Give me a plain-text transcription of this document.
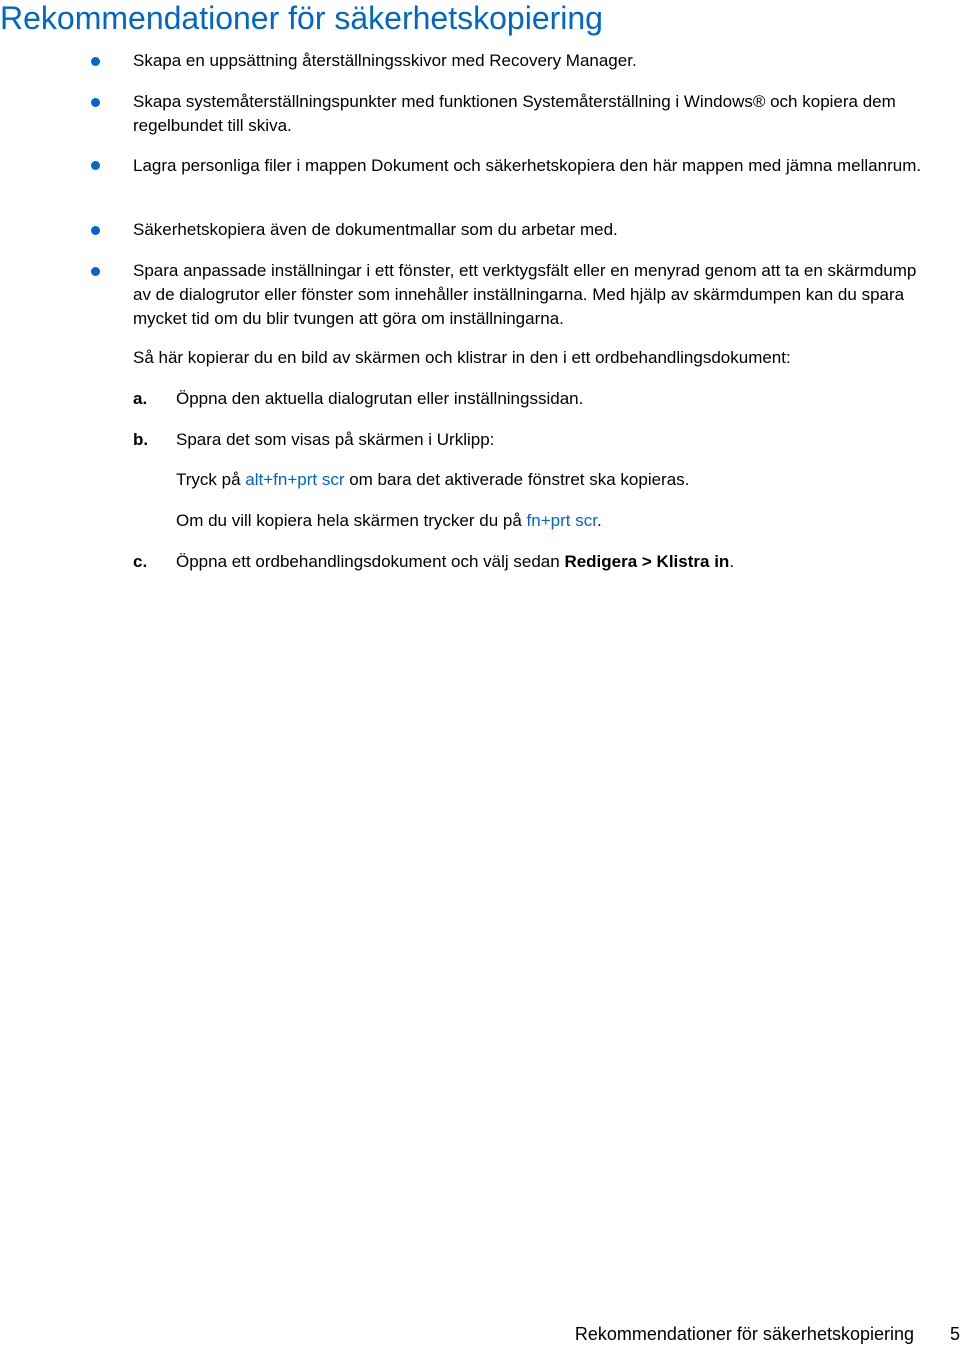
Rekommendationer för säkerhetskopiering

Skapa en uppsättning återställningsskivor med Recovery Manager.

Skapa systemåterställningspunkter med funktionen Systemåterställning i Windows® och kopiera dem regelbundet till skiva.

Lagra personliga filer i mappen Dokument och säkerhetskopiera den här mappen med jämna mellanrum.

Säkerhetskopiera även de dokumentmallar som du arbetar med.

Spara anpassade inställningar i ett fönster, ett verktygsfält eller en menyrad genom att ta en skärmdump av de dialogrutor eller fönster som innehåller inställningarna. Med hjälp av skärmdumpen kan du spara mycket tid om du blir tvungen att göra om inställningarna.

Så här kopierar du en bild av skärmen och klistrar in den i ett ordbehandlingsdokument:

a. Öppna den aktuella dialogrutan eller inställningssidan.

b. Spara det som visas på skärmen i Urklipp:

Tryck på alt+fn+prt scr om bara det aktiverade fönstret ska kopieras.

Om du vill kopiera hela skärmen trycker du på fn+prt scr.

c. Öppna ett ordbehandlingsdokument och välj sedan Redigera > Klistra in.

Rekommendationer för säkerhetskopiering 5
